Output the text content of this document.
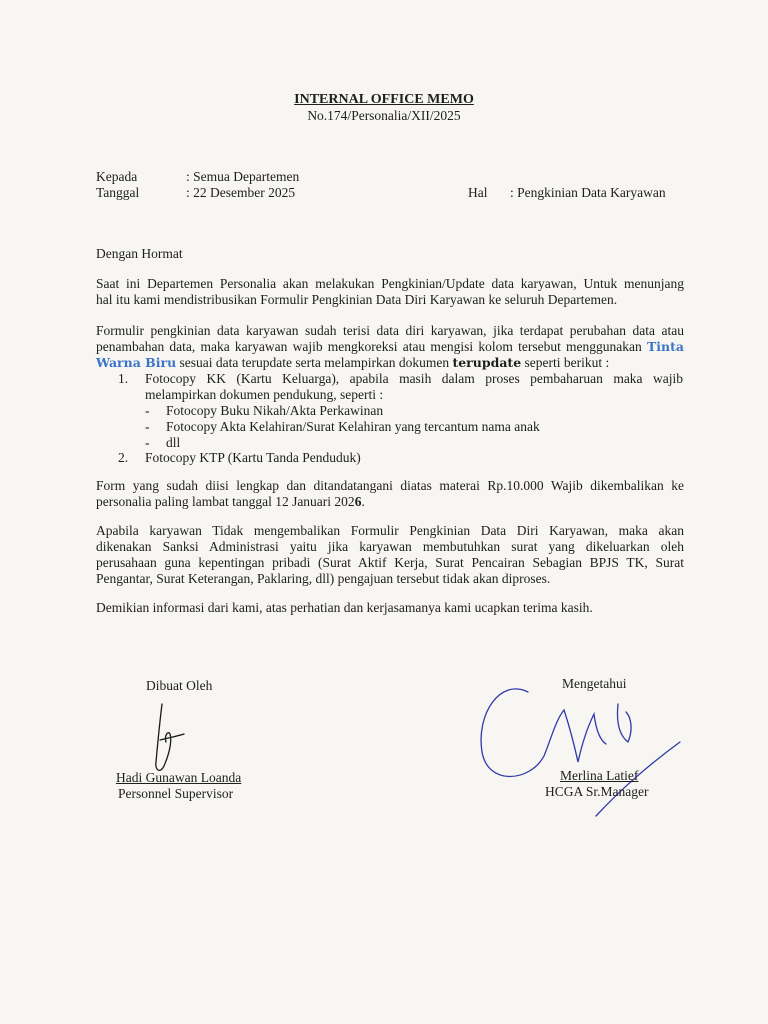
INTERNAL OFFICE MEMO
No.174/Personalia/XII/2025
Kepada	: Semua Departemen
Tanggal	: 22 Desember 2025	Hal : Pengkinian Data Karyawan
Dengan Hormat
Saat ini Departemen Personalia akan melakukan Pengkinian/Update data karyawan, Untuk menunjang
hal itu kami mendistribusikan Formulir Pengkinian Data Diri Karyawan ke seluruh Departemen.
Formulir pengkinian data karyawan sudah terisi data diri karyawan, jika terdapat perubahan data atau
penambahan data, maka karyawan wajib mengkoreksi atau mengisi kolom tersebut menggunakan Tinta
Warna Biru sesuai data terupdate serta melampirkan dokumen terupdate seperti berikut :
1. Fotocopy KK (Kartu Keluarga), apabila masih dalam proses pembaharuan maka wajib
melampirkan dokumen pendukung, seperti :
- Fotocopy Buku Nikah/Akta Perkawinan
- Fotocopy Akta Kelahiran/Surat Kelahiran yang tercantum nama anak
- dll
2. Fotocopy KTP (Kartu Tanda Penduduk)
Form yang sudah diisi lengkap dan ditandatangani diatas materai Rp.10.000 Wajib dikembalikan ke
personalia paling lambat tanggal 12 Januari 2026.
Apabila karyawan Tidak mengembalikan Formulir Pengkinian Data Diri Karyawan, maka akan
dikenakan Sanksi Administrasi yaitu jika karyawan membutuhkan surat yang dikeluarkan oleh
perusahaan guna kepentingan pribadi (Surat Aktif Kerja, Surat Pencairan Sebagian BPJS TK, Surat
Pengantar, Surat Keterangan, Paklaring, dll) pengajuan tersebut tidak akan diproses.
Demikian informasi dari kami, atas perhatian dan kerjasamanya kami ucapkan terima kasih.
Dibuat Oleh
Hadi Gunawan Loanda
Personnel Supervisor
Mengetahui
Merlina Latief
HCGA Sr.Manager
